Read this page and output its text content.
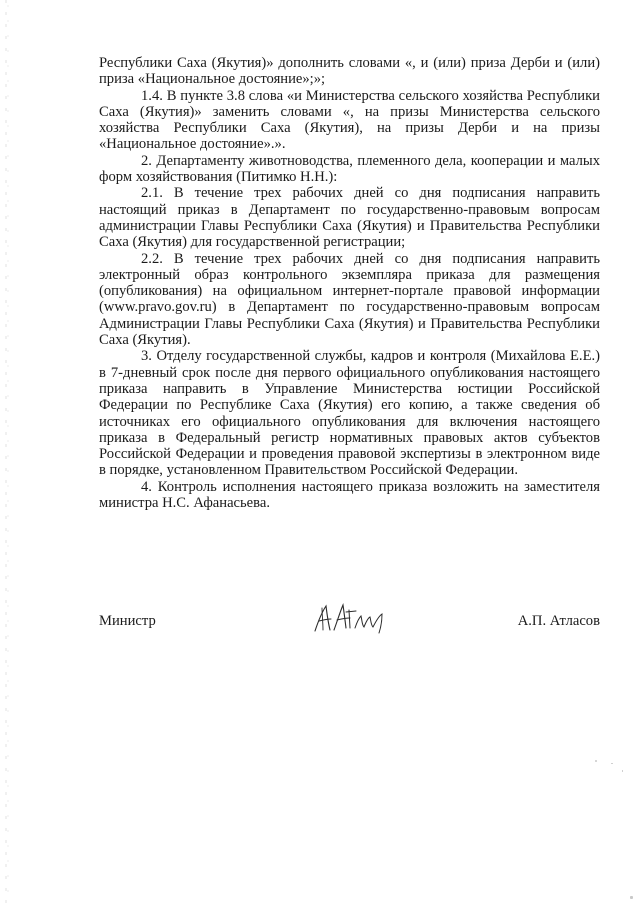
Республики Саха (Якутия)» дополнить словами «, и (или) приза Дерби и (или) приза «Национальное достояние»;»;

1.4. В пункте 3.8 слова «и Министерства сельского хозяйства Республики Саха (Якутия)» заменить словами «, на призы Министерства сельского хозяйства Республики Саха (Якутия), на призы Дерби и на призы «Национальное достояние».».

2. Департаменту животноводства, племенного дела, кооперации и малых форм хозяйствования (Питимко Н.Н.):

2.1. В течение трех рабочих дней со дня подписания направить настоящий приказ в Департамент по государственно-правовым вопросам администрации Главы Республики Саха (Якутия) и Правительства Республики Саха (Якутия) для государственной регистрации;

2.2. В течение трех рабочих дней со дня подписания направить электронный образ контрольного экземпляра приказа для размещения (опубликования) на официальном интернет-портале правовой информации (www.pravo.gov.ru) в Департамент по государственно-правовым вопросам Администрации Главы Республики Саха (Якутия) и Правительства Республики Саха (Якутия).

3. Отделу государственной службы, кадров и контроля (Михайлова Е.Е.) в 7-дневный срок после дня первого официального опубликования настоящего приказа направить в Управление Министерства юстиции Российской Федерации по Республике Саха (Якутия) его копию, а также сведения об источниках его официального опубликования для включения настоящего приказа в Федеральный регистр нормативных правовых актов субъектов Российской Федерации и проведения правовой экспертизы в электронном виде в порядке, установленном Правительством Российской Федерации.

4. Контроль исполнения настоящего приказа возложить на заместителя министра Н.С. Афанасьева.

Министр	А.П. Атласов
